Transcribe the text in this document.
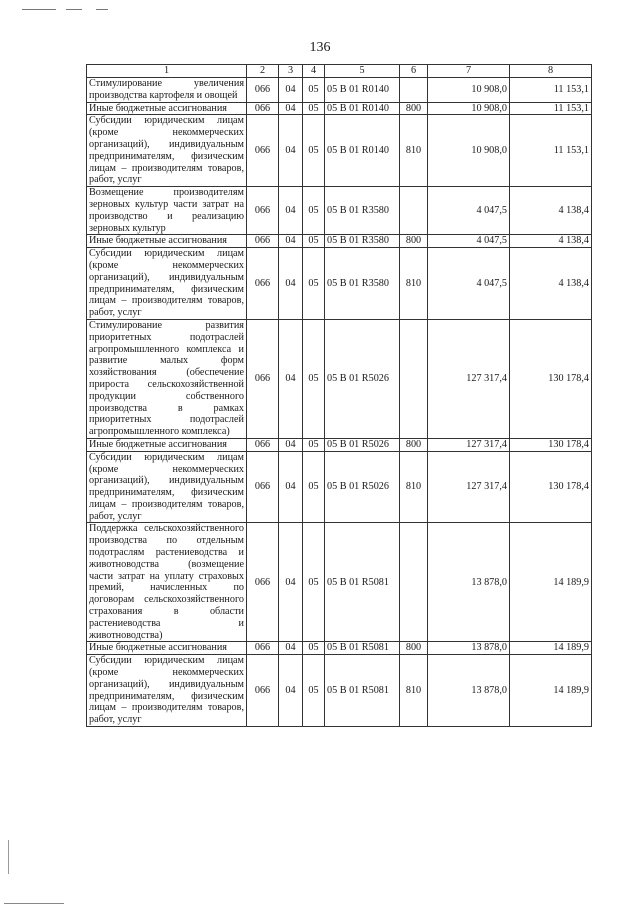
136
1	2	3	4	5	6	7	8
Стимулирование увеличения производства картофеля и овощей	066	04	05	05 B 01 R0140		10 908,0	11 153,1
Иные бюджетные ассигнования	066	04	05	05 B 01 R0140	800	10 908,0	11 153,1
Субсидии юридическим лицам (кроме некоммерческих организаций), индивидуальным предпринимателям, физическим лицам – производителям товаров, работ, услуг	066	04	05	05 B 01 R0140	810	10 908,0	11 153,1
Возмещение производителям зерновых культур части затрат на производство и реализацию зерновых культур	066	04	05	05 B 01 R3580		4 047,5	4 138,4
Иные бюджетные ассигнования	066	04	05	05 B 01 R3580	800	4 047,5	4 138,4
Субсидии юридическим лицам (кроме некоммерческих организаций), индивидуальным предпринимателям, физическим лицам – производителям товаров, работ, услуг	066	04	05	05 B 01 R3580	810	4 047,5	4 138,4
Стимулирование развития приоритетных подотраслей агропромышленного комплекса и развитие малых форм хозяйствования (обеспечение прироста сельскохозяйственной продукции собственного производства в рамках приоритетных подотраслей агропромышленного комплекса)	066	04	05	05 B 01 R5026		127 317,4	130 178,4
Иные бюджетные ассигнования	066	04	05	05 B 01 R5026	800	127 317,4	130 178,4
Субсидии юридическим лицам (кроме некоммерческих организаций), индивидуальным предпринимателям, физическим лицам – производителям товаров, работ, услуг	066	04	05	05 B 01 R5026	810	127 317,4	130 178,4
Поддержка сельскохозяйственного производства по отдельным подотраслям растениеводства и животноводства (возмещение части затрат на уплату страховых премий, начисленных по договорам сельскохозяйственного страхования в области растениеводства и животноводства)	066	04	05	05 B 01 R5081		13 878,0	14 189,9
Иные бюджетные ассигнования	066	04	05	05 B 01 R5081	800	13 878,0	14 189,9
Субсидии юридическим лицам (кроме некоммерческих организаций), индивидуальным предпринимателям, физическим лицам – производителям товаров, работ, услуг	066	04	05	05 B 01 R5081	810	13 878,0	14 189,9
